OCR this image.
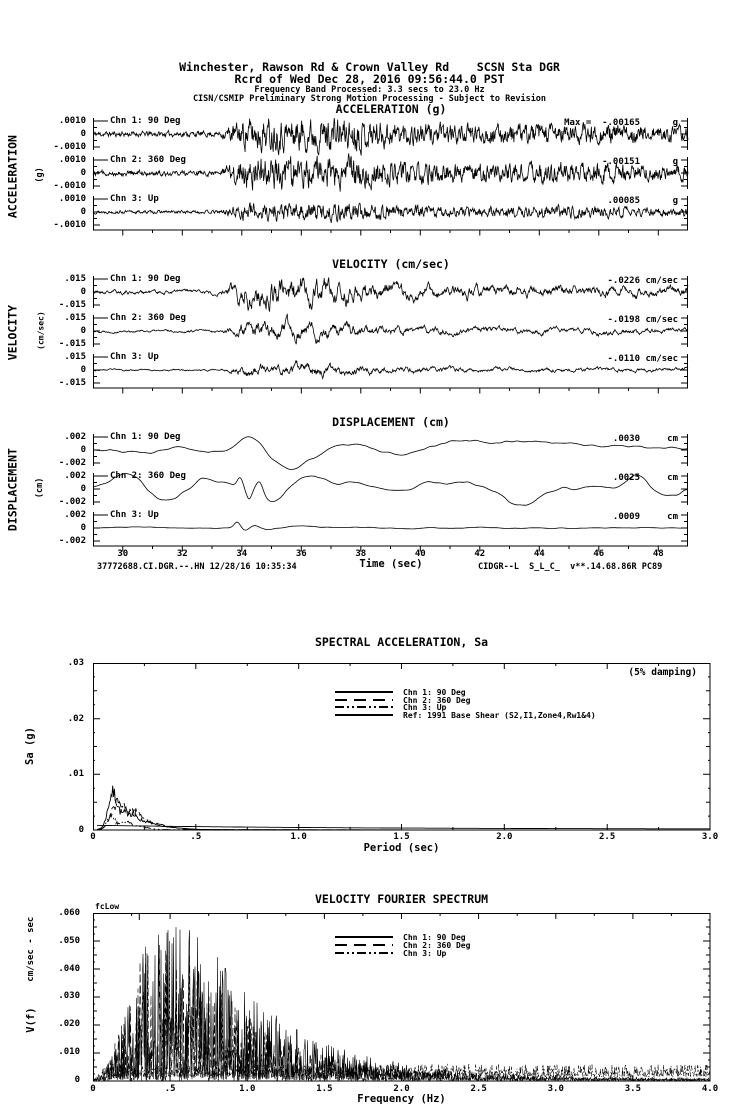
Winchester, Rawson Rd & Crown Valley Rd    SCSN Sta DGR
Rcrd of Wed Dec 28, 2016 09:56:44.0 PST
Frequency Band Processed: 3.3 secs to 23.0 Hz
CISN/CSMIP Preliminary Strong Motion Processing - Subject to Revision
ACCELERATION (g)
ACCELERATION (g)
VELOCITY (cm/sec)
VELOCITY (cm/sec)
DISPLACEMENT (cm)
DISPLACEMENT (cm)
Time (sec)
37772688.CI.DGR.--.HN 12/28/16 10:35:34	CIDGR--L  S_L_C_  v**.14.68.86R PC89
SPECTRAL ACCELERATION, Sa
(5% damping)
Sa (g)
Period (sec)
VELOCITY FOURIER SPECTRUM
fcLow
cm/sec - sec
V(f)
Frequency (Hz)
Chn 1: 90 Deg
.0010
0
-.0010
Max =  -.00165	g
Chn 2: 360 Deg
.0010
0
-.0010
-.00151	g
Chn 3: Up
.0010
0
-.0010
.00085	g
Chn 1: 90 Deg
.015
0
-.015
-.0226 cm/sec
Chn 2: 360 Deg
.015
0
-.015
-.0198 cm/sec
Chn 3: Up
.015
0
-.015
-.0110 cm/sec
Chn 1: 90 Deg
.002
0
-.002
.0030	cm
Chn 2: 360 Deg
.002
0
-.002
.0025	cm
Chn 3: Up
.002
0
-.002
.0009	cm
30	32	34	36	38	40	42	44	46	48
.03
.02
.01
0
0	.5	1.0	1.5	2.0	2.5	3.0
Chn 1: 90 Deg
Chn 2: 360 Deg
Chn 3: Up
Ref: 1991 Base Shear (S2,I1,Zone4,Rw1&4)
.060
.050
.040
.030
.020
.010
0
0	.5	1.0	1.5	2.0	2.5	3.0	3.5	4.0
Chn 1: 90 Deg
Chn 2: 360 Deg
Chn 3: Up
